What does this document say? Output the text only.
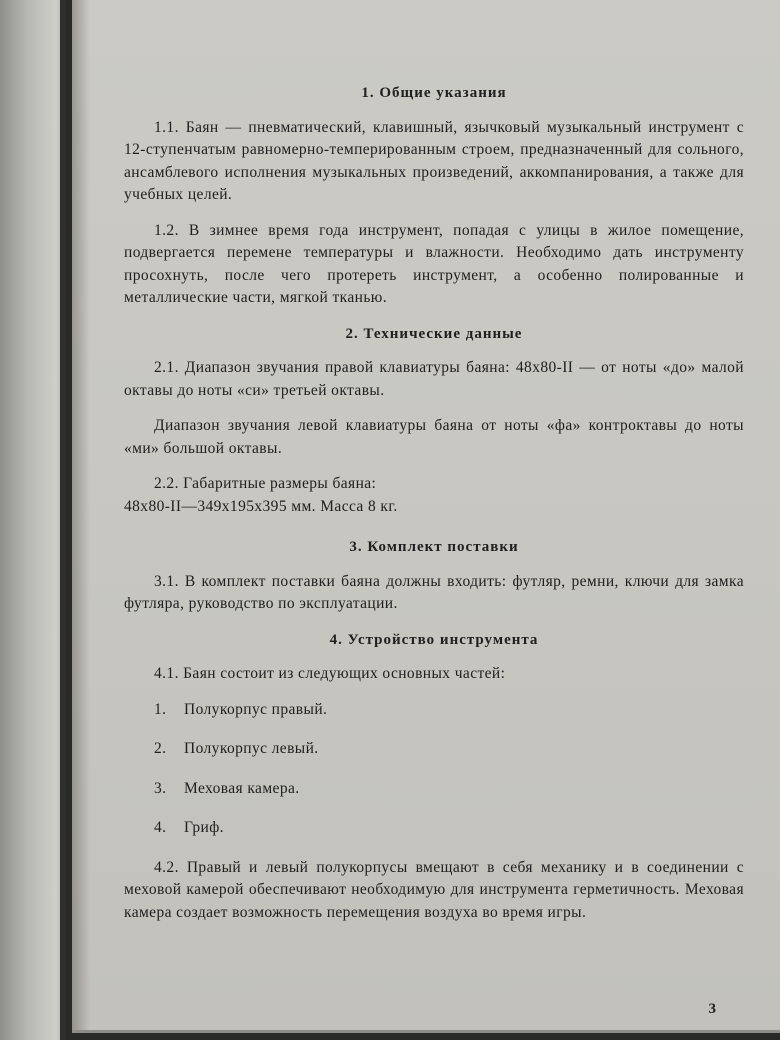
1. Общие указания

1.1. Баян — пневматический, клавишный, язычковый музыкальный инструмент с 12-ступенчатым равномерно-темперированным строем, предназначенный для сольного, ансамблевого исполнения музыкальных произведений, аккомпанирования, а также для учебных целей.

1.2. В зимнее время года инструмент, попадая с улицы в жилое помещение, подвергается перемене температуры и влажности. Необходимо дать инструменту просохнуть, после чего протереть инструмент, а особенно полированные и металлические части, мягкой тканью.

2. Технические данные

2.1. Диапазон звучания правой клавиатуры баяна: 48х80-II — от ноты «до» малой октавы до ноты «си» третьей октавы.

Диапазон звучания левой клавиатуры баяна от ноты «фа» контроктавы до ноты «ми» большой октавы.

2.2. Габаритные размеры баяна:

48х80-II—349х195х395 мм. Масса 8 кг.

3. Комплект поставки

3.1. В комплект поставки баяна должны входить: футляр, ремни, ключи для замка футляра, руководство по эксплуатации.

4. Устройство инструмента

4.1. Баян состоит из следующих основных частей:

1. Полукорпус правый.
2. Полукорпус левый.
3. Меховая камера.
4. Гриф.

4.2. Правый и левый полукорпусы вмещают в себя механику и в соединении с меховой камерой обеспечивают необходимую для инструмента герметичность. Меховая камера создает возможность перемещения воздуха во время игры.

3
